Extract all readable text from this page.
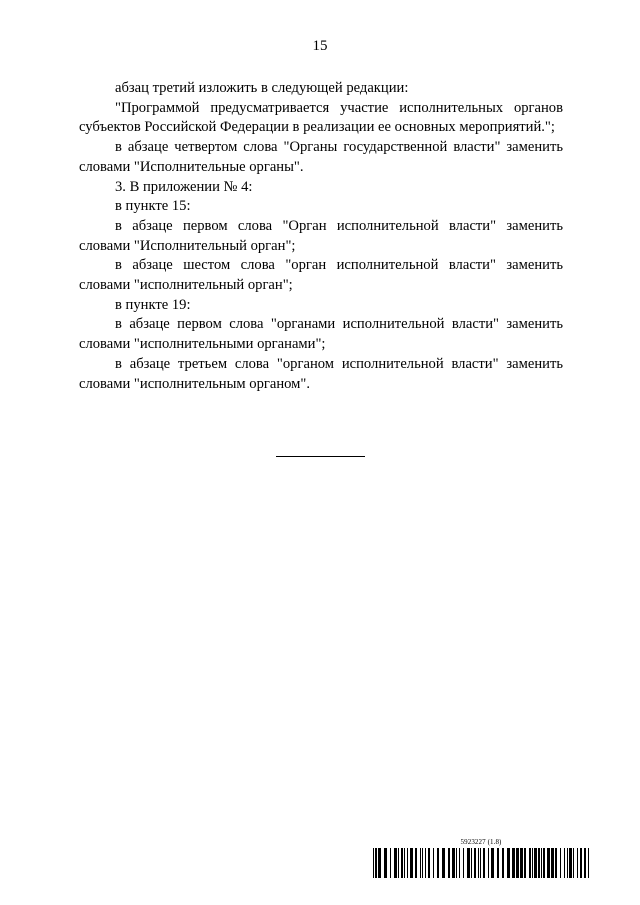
15

абзац третий изложить в следующей редакции:

"Программой предусматривается участие исполнительных органов субъектов Российской Федерации в реализации ее основных мероприятий.";

в абзаце четвертом слова "Органы государственной власти" заменить словами "Исполнительные органы".

3. В приложении № 4:

в пункте 15:

в абзаце первом слова "Орган исполнительной власти" заменить словами "Исполнительный орган";

в абзаце шестом слова "орган исполнительной власти" заменить словами "исполнительный орган";

в пункте 19:

в абзаце первом слова "органами исполнительной власти" заменить словами "исполнительными органами";

в абзаце третьем слова "органом исполнительной власти" заменить словами "исполнительным органом".

5923227 (1.8)
